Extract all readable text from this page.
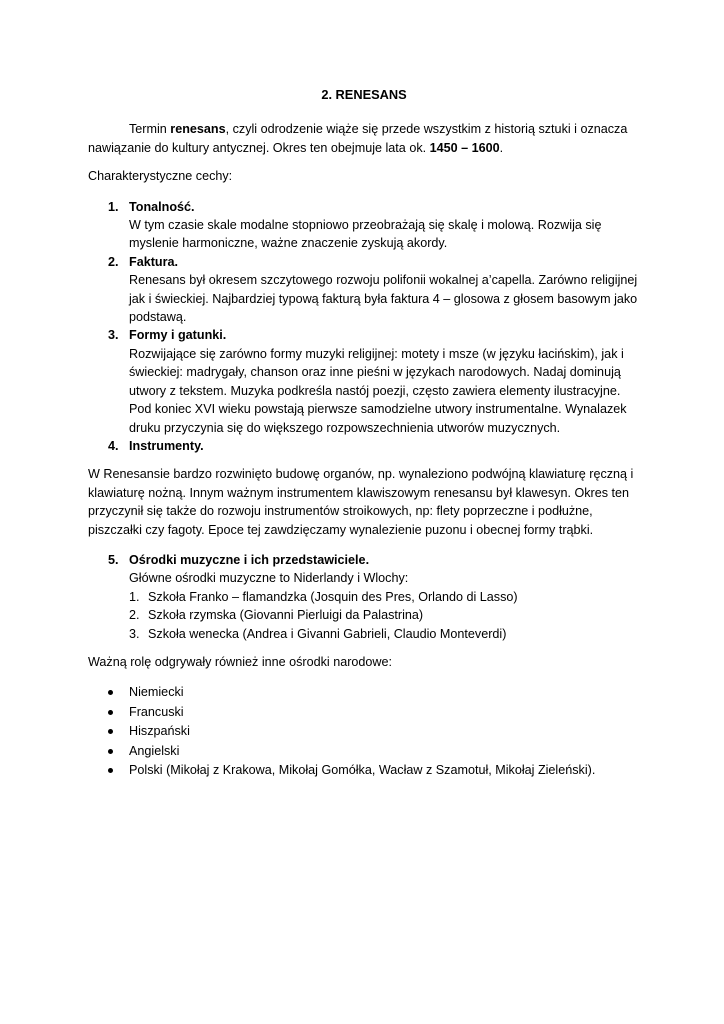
2. RENESANS

Termin renesans, czyli odrodzenie wiąże się przede wszystkim z historią sztuki i oznacza nawiązanie do kultury antycznej. Okres ten obejmuje lata ok. 1450 – 1600.

Charakterystyczne cechy:

1. Tonalność.
W tym czasie skale modalne stopniowo przeobrażają się skalę i molową. Rozwija się myslenie harmoniczne, ważne znaczenie zyskują akordy.
2. Faktura.
Renesans był okresem szczytowego rozwoju polifonii wokalnej a’capella. Zarówno religijnej jak i świeckiej. Najbardziej typową fakturą była faktura 4 – glosowa z głosem basowym jako podstawą.
3. Formy i gatunki.
Rozwijające się zarówno formy muzyki religijnej: motety i msze (w języku łacińskim), jak i świeckiej: madrygały, chanson oraz inne pieśni w językach narodowych. Nadaj dominują utwory z tekstem. Muzyka podkreśla nastój poezji, często zawiera elementy ilustracyjne. Pod koniec XVI wieku powstają pierwsze samodzielne utwory instrumentalne. Wynalazek druku przyczynia się do większego rozpowszechnienia utworów muzycznych.
4. Instrumenty.

W Renesansie bardzo rozwinięto budowę organów, np. wynaleziono podwójną klawiaturę ręczną i klawiaturę nożną. Innym ważnym instrumentem klawiszowym renesansu był klawesyn. Okres ten przyczynił się także do rozwoju instrumentów stroikowych, np: flety poprzeczne i podłużne, piszczałki czy fagoty. Epoce tej zawdzięczamy wynalezienie puzonu i obecnej formy trąbki.

5. Ośrodki muzyczne i ich przedstawiciele.
Główne ośrodki muzyczne to Niderlandy i Wlochy:
1. Szkoła Franko – flamandzka (Josquin des Pres, Orlando di Lasso)
2. Szkoła rzymska (Giovanni Pierluigi da Palastrina)
3. Szkoła wenecka (Andrea i Givanni Gabrieli, Claudio Monteverdi)

Ważną rolę odgrywały również inne ośrodki narodowe:

Niemiecki
Francuski
Hiszpański
Angielski
Polski (Mikołaj z Krakowa, Mikołaj Gomółka, Wacław z Szamotuł, Mikołaj Zieleński).
